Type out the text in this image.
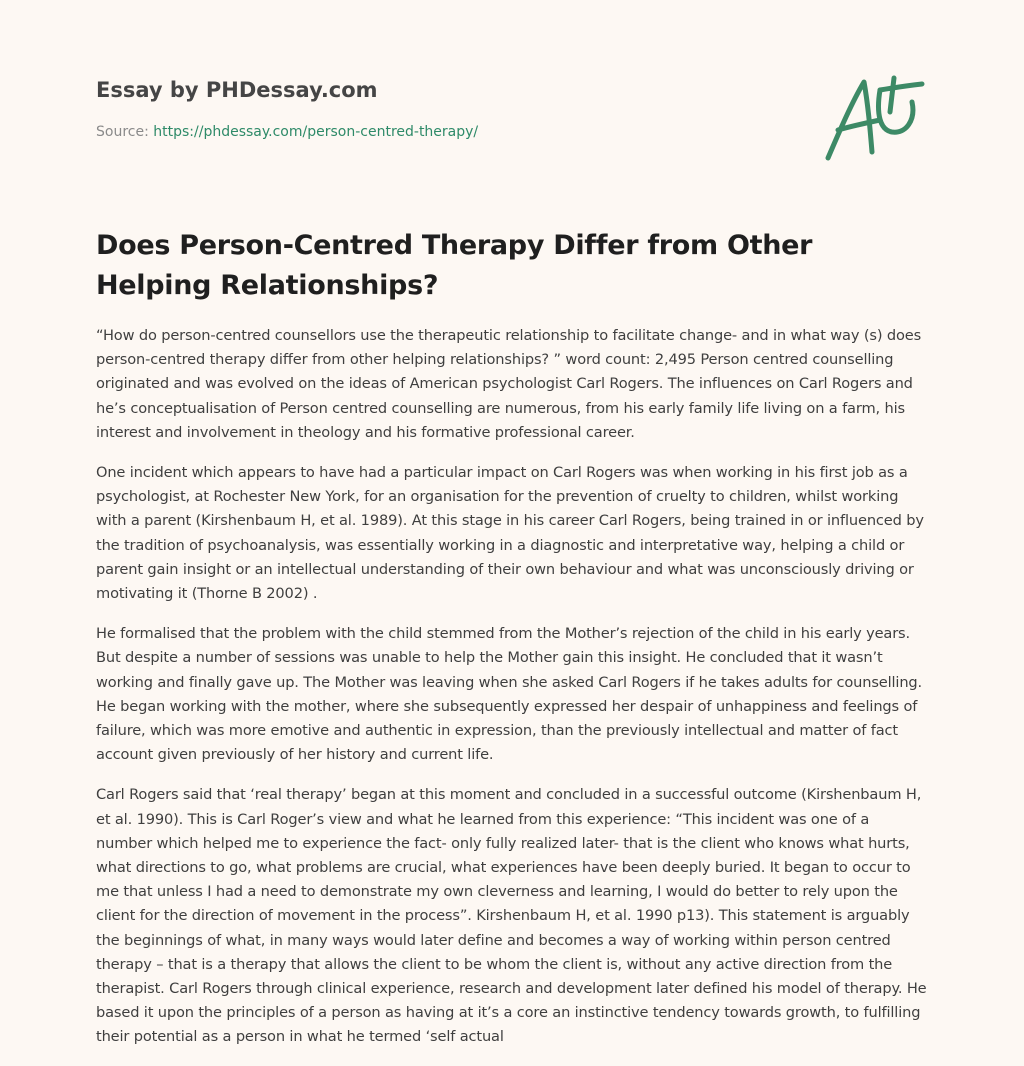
Essay by PHDessay.com
Source: https://phdessay.com/person-centred-therapy/
Does Person-Centred Therapy Differ from Other Helping Relationships?

“How do person-centred counsellors use the therapeutic relationship to facilitate change- and in what way (s) does person-centred therapy differ from other helping relationships? ” word count: 2,495 Person centred counselling originated and was evolved on the ideas of American psychologist Carl Rogers. The influences on Carl Rogers and he’s conceptualisation of Person centred counselling are numerous, from his early family life living on a farm, his interest and involvement in theology and his formative professional career.

One incident which appears to have had a particular impact on Carl Rogers was when working in his first job as a psychologist, at Rochester New York, for an organisation for the prevention of cruelty to children, whilst working with a parent (Kirshenbaum H, et al. 1989). At this stage in his career Carl Rogers, being trained in or influenced by the tradition of psychoanalysis, was essentially working in a diagnostic and interpretative way, helping a child or parent gain insight or an intellectual understanding of their own behaviour and what was unconsciously driving or motivating it (Thorne B 2002) .

He formalised that the problem with the child stemmed from the Mother’s rejection of the child in his early years. But despite a number of sessions was unable to help the Mother gain this insight. He concluded that it wasn’t working and finally gave up. The Mother was leaving when she asked Carl Rogers if he takes adults for counselling. He began working with the mother, where she subsequently expressed her despair of unhappiness and feelings of failure, which was more emotive and authentic in expression, than the previously intellectual and matter of fact account given previously of her history and current life.

Carl Rogers said that ‘real therapy’ began at this moment and concluded in a successful outcome (Kirshenbaum H, et al. 1990). This is Carl Roger’s view and what he learned from this experience: “This incident was one of a number which helped me to experience the fact- only fully realized later- that is the client who knows what hurts, what directions to go, what problems are crucial, what experiences have been deeply buried. It began to occur to me that unless I had a need to demonstrate my own cleverness and learning, I would do better to rely upon the client for the direction of movement in the process”. Kirshenbaum H, et al. 1990 p13). This statement is arguably the beginnings of what, in many ways would later define and becomes a way of working within person centred therapy – that is a therapy that allows the client to be whom the client is, without any active direction from the therapist. Carl Rogers through clinical experience, research and development later defined his model of therapy. He based it upon the principles of a person as having at it’s a core an instinctive tendency towards growth, to fulfilling their potential as a person in what he termed ‘self actual
